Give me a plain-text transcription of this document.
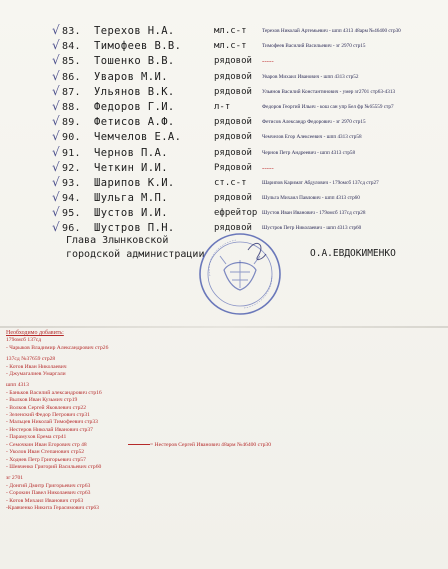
√ 83.	Терехов Н.А.	мл.с-т	Терехов Николай Артемьевич - шпп 4313 48арм №46400 стр30
√ 84.	Тимофеев В.В.	мл.с-т	Тимофеев Василий Васильевич - зг 2970 стр15
√ 85.	Тошенко В.В.	рядовой	-----
√ 86.	Уваров М.И.	рядовой	Уваров Михаил Иванович - шпп 4313 стр52
√ 87.	Ульянов В.К.	рядовой	Ульянов Василий Константинович - умер зг2701 стр63-4313
√ 88.	Федоров Г.И.	л-т	Федоров Георгий Ильич - кош сан упр Бел фр №65559 стр7
√ 89.	Фетисов А.Ф.	рядовой	Фетисов Александр Федорович - зг 2970 стр15
√ 90.	Чемчелов Е.А.	рядовой	Чемчелов Егор Алексеевич - шпп 4313 стр58
√ 91.	Чернов П.А.	рядовой	Чернов Петр Андреевич - шпп 4313 стр58
√ 92.	Четкин И.И.	Рядовой	-----
√ 93.	Шарипов К.И.	ст.с-т	Шарипов Каримат Абдулович - 179омсб 137сд стр27
√ 94.	Шульга М.П.	рядовой	Шульга Михаил Павлович - шпп 4313 стр60
√ 95.	Шустов И.И.	ефрейтор Шустов Иван Иванович - 179омсб 137сд стр28
√ 96.	Шустров П.Н.	рядовой	Шустров Петр Николаевич - шпп 4313 стр60
Глава Злынковской
городской администрации	О.А.ЕВДОКИМЕНКО
Необходимо добавить:
179омсб 137сд
- Чарыков Владимир Александрович стр26
137сд №37659 стр28
- Котов Иван Николаевич
- Джумагалиев Умаргали
шпп 4313
- Баньков Василий александрович стр16
- Вылков Иван Кузьмич стр19
- Волков Сергей Яковлевич стр22
- Зеленский Федор Петрович стр31
- Мальцев Николай Тимофеевич стр33
- Нестеров Николай Иванович стр37
- Парамухов Ерема стр41
- Семочкин Иван Егорович стр 48
- Уколов Иван Степанович стр52
- Ходнев Петр Григорьевич стр57
- Шевченко Григорий Васильевич стр60
зг 2701
- Донгий Дмитр Григорьевич стр63
- Сорокин Павел Николаевич стр63
- Котов Михаил Иванович стр63
-Кравченко Никита Герасимович стр63
= Нестеров Сергей Иванович 48арм №46400 стр30
